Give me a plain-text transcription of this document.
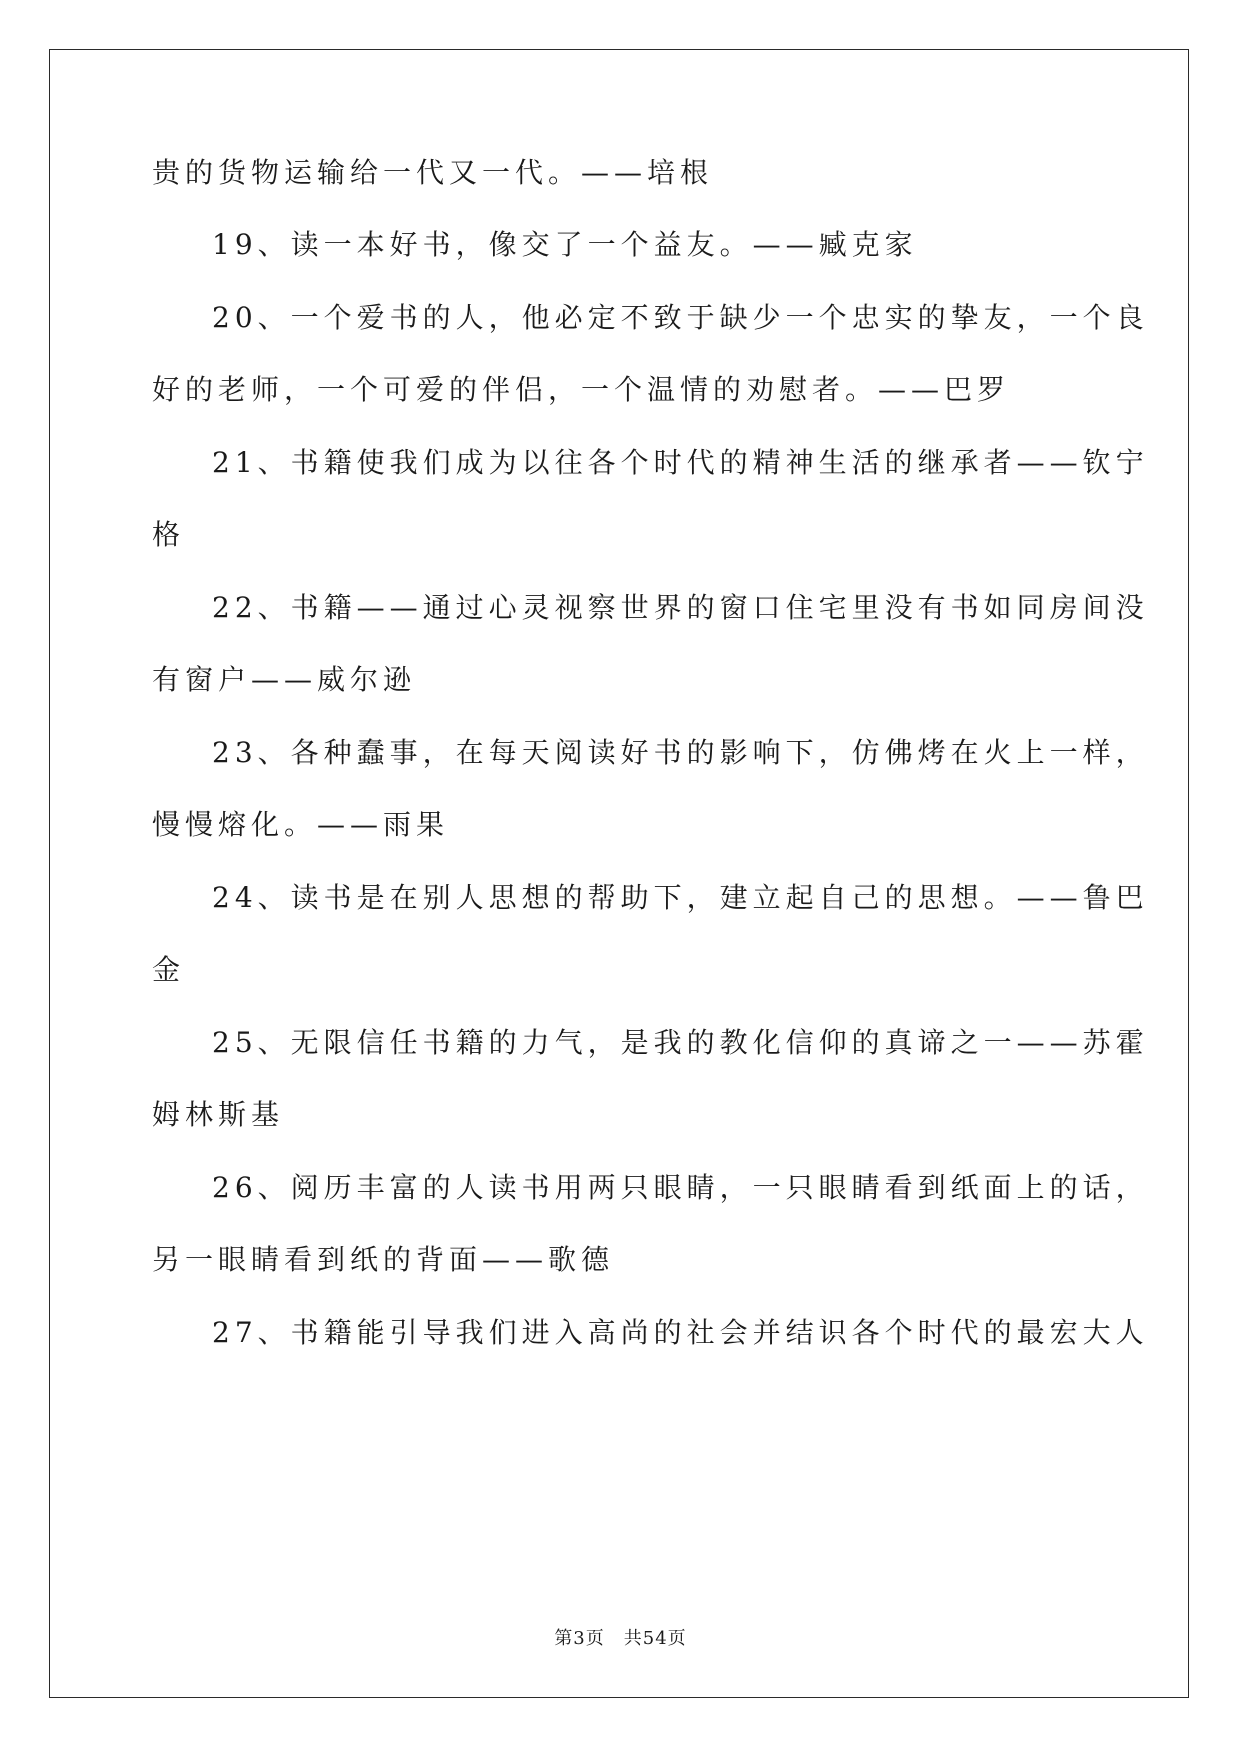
贵的货物运输给一代又一代。——培根
19、读一本好书，像交了一个益友。——臧克家
20、一个爱书的人，他必定不致于缺少一个忠实的挚友，一个良
好的老师，一个可爱的伴侣，一个温情的劝慰者。——巴罗
21、书籍使我们成为以往各个时代的精神生活的继承者——钦宁
格
22、书籍——通过心灵视察世界的窗口住宅里没有书如同房间没
有窗户——威尔逊
23、各种蠢事，在每天阅读好书的影响下，仿佛烤在火上一样，
慢慢熔化。——雨果
24、读书是在别人思想的帮助下，建立起自己的思想。——鲁巴
金
25、无限信任书籍的力气，是我的教化信仰的真谛之一——苏霍
姆林斯基
26、阅历丰富的人读书用两只眼睛，一只眼睛看到纸面上的话，
另一眼睛看到纸的背面——歌德
27、书籍能引导我们进入高尚的社会并结识各个时代的最宏大人
第3页　共54页
